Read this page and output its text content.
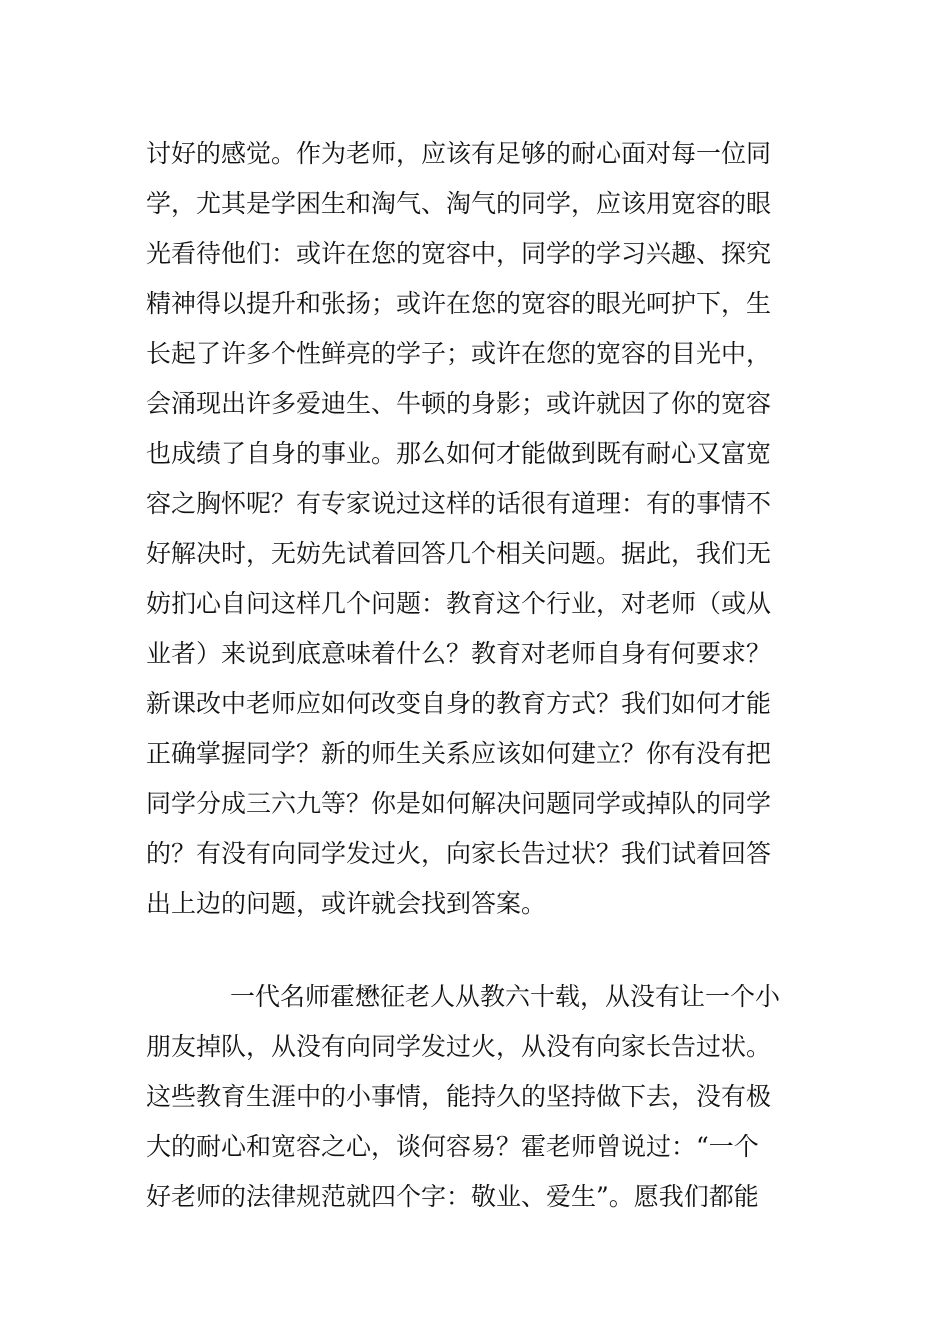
讨好的感觉。作为老师，应该有足够的耐心面对每一位同
学，尤其是学困生和淘气、淘气的同学，应该用宽容的眼
光看待他们：或许在您的宽容中，同学的学习兴趣、探究
精神得以提升和张扬；或许在您的宽容的眼光呵护下，生
长起了许多个性鲜亮的学子；或许在您的宽容的目光中，
会涌现出许多爱迪生、牛顿的身影；或许就因了你的宽容
也成绩了自身的事业。那么如何才能做到既有耐心又富宽
容之胸怀呢？有专家说过这样的话很有道理：有的事情不
好解决时，无妨先试着回答几个相关问题。据此，我们无
妨扪心自问这样几个问题：教育这个行业，对老师（或从
业者）来说到底意味着什么？教育对老师自身有何要求？
新课改中老师应如何改变自身的教育方式？我们如何才能
正确掌握同学？新的师生关系应该如何建立？你有没有把
同学分成三六九等？你是如何解决问题同学或掉队的同学
的？有没有向同学发过火，向家长告过状？我们试着回答
出上边的问题，或许就会找到答案。
一代名师霍懋征老人从教六十载，从没有让一个小
朋友掉队，从没有向同学发过火，从没有向家长告过状。
这些教育生涯中的小事情，能持久的坚持做下去，没有极
大的耐心和宽容之心，谈何容易？霍老师曾说过：“一个
好老师的法律规范就四个字：敬业、爱生”。愿我们都能
